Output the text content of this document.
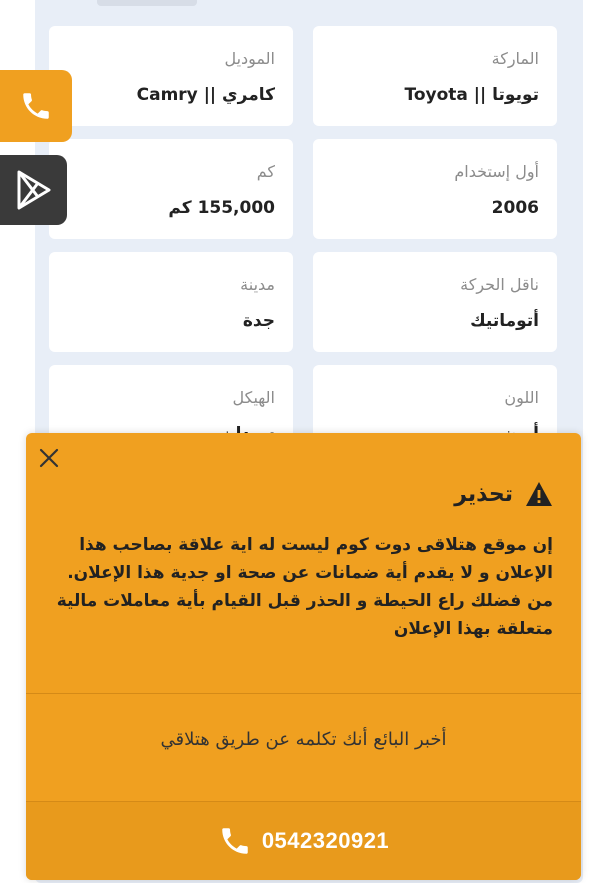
الماركة
تويوتا || Toyota
الموديل
كامري || Camry
أول إستخدام
2006
كم
155,000 كم
ناقل الحركة
أتوماتيك
مدينة
جدة
اللون
الهيكل
تحذير
إن موقع هتلاقى دوت كوم ليست له اية علاقة بصاحب هذا الإعلان و لا يقدم أية ضمانات عن صحة او جدية هذا الإعلان. من فضلك راع الحيطة و الحذر قبل القيام بأية معاملات مالية متعلقة بهذا الإعلان
أخبر البائع أنك تكلمه عن طريق هتلاقي
0542320921
